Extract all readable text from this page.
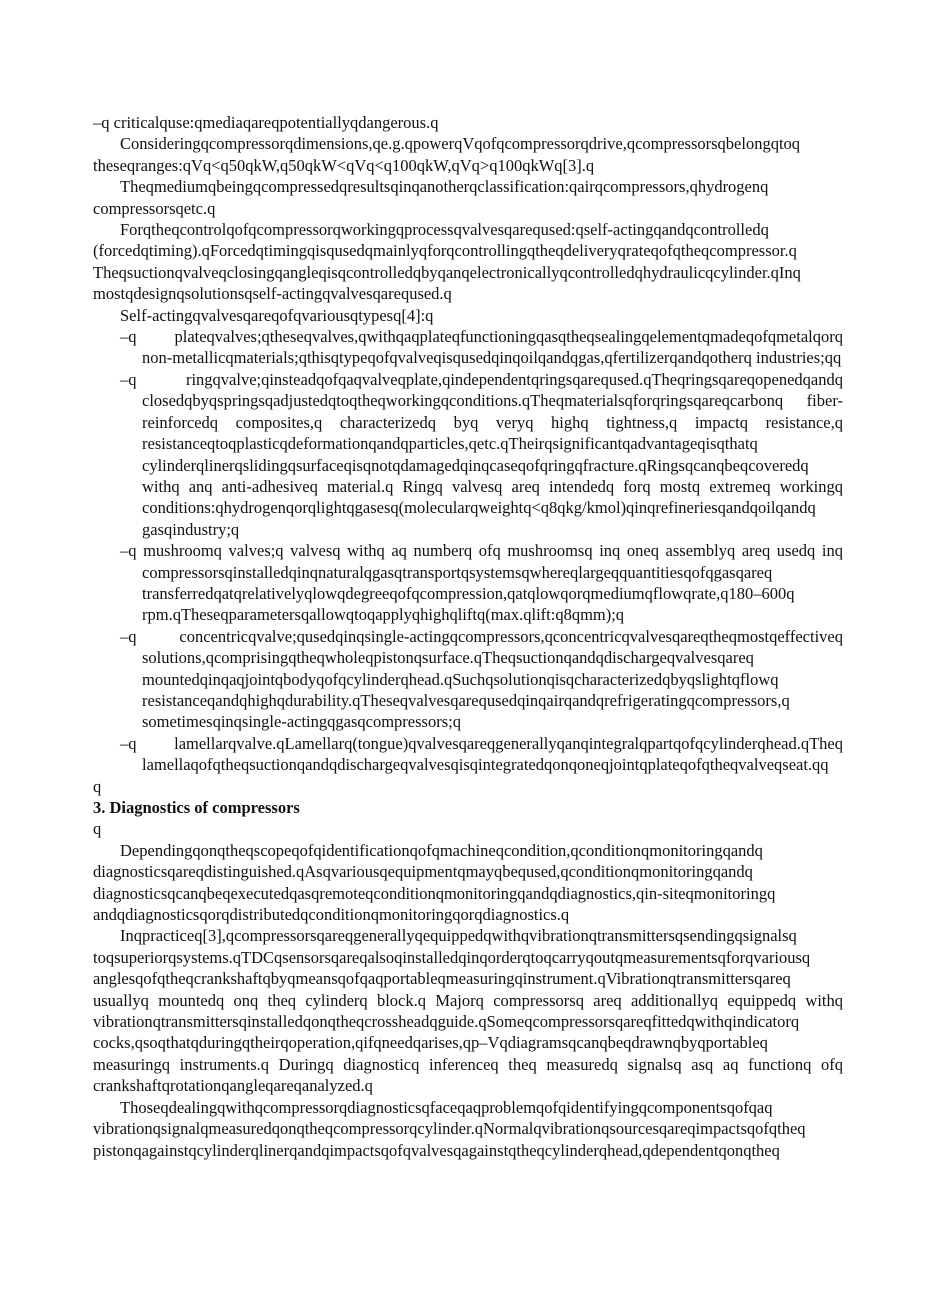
–q criticalquse:qmediaqareqpotentiallyqdangerous.q

Consideringqcompressorqdimensions,qe.g.qpowerqVqofqcompressorqdrive,qcompressorsqbelongqtoq theseqranges:qVq<q50qkW,q50qkW<qVq<q100qkW,qVq>q100qkWq[3].q

Theqmediumqbeingqcompressedqresultsqinqanotherqclassification:qairqcompressors,qhydrogenq compressorsqetc.q

Forqtheqcontrolqofqcompressorqworkingqprocessqvalvesqareqused:qself-actingqandqcontrolledq (forcedqtiming).qForcedqtimingqisqusedqmainlyqforqcontrollingqtheqdeliveryqrateqofqtheqcompressor.q Theqsuctionqvalveqclosingqangleqisqcontrolledqbyqanqelectronicallyqcontrolledqhydraulicqcylinder.qInq mostqdesignqsolutionsqself-actingqvalvesqareqused.q

Self-actingqvalvesqareqofqvariousqtypesq[4]:q

–q plateqvalves;qtheseqvalves,qwithqaqplateqfunctioningqasqtheqsealingqelementqmadeqofqmetalqorq non-metallicqmaterials;qthisqtypeqofqvalveqisqusedqinqoilqandqgas,qfertilizerqandqotherq industries;qq

–q ringqvalve;qinsteadqofqaqvalveqplate,qindependentqringsqareqused.qTheqringsqareqopenedqandq closedqbyqspringsqadjustedqtoqtheqworkingqconditions.qTheqmaterialsqforqringsqareqcarbonq fiber-reinforcedq composites,q characterizedq byq veryq highq tightness,q impactq resistance,q resistanceqtoqplasticqdeformationqandqparticles,qetc.qTheirqsignificantqadvantageqisqthatq cylinderqlinerqslidingqsurfaceqisqnotqdamagedqinqcaseqofqringqfracture.qRingsqcanqbeqcoveredq withq anq anti-adhesiveq material.q Ringq valvesq areq intendedq forq mostq extremeq workingq conditions:qhydrogenqorqlightqgasesq(molecularqweightq<q8qkg/kmol)qinqrefineriesqandqoilqandq gasqindustry;q

–q mushroomq valves;q valvesq withq aq numberq ofq mushroomsq inq oneq assemblyq areq usedq inq compressorsqinstalledqinqnaturalqgasqtransportqsystemsqwhereqlargeqquantitiesqofqgasqareq transferredqatqrelativelyqlowqdegreeqofqcompression,qatqlowqorqmediumqflowqrate,q180–600q rpm.qTheseqparametersqallowqtoqapplyqhighqliftq(max.qlift:q8qmm);q

–q concentricqvalve;qusedqinqsingle-actingqcompressors,qconcentricqvalvesqareqtheqmostqeffectiveq solutions,qcomprisingqtheqwholeqpistonqsurface.qTheqsuctionqandqdischargeqvalvesqareq mountedqinqaqjointqbodyqofqcylinderqhead.qSuchqsolutionqisqcharacterizedqbyqslightqflowq resistanceqandqhighqdurability.qTheseqvalvesqarequsedqinqairqandqrefrigeratingqcompressors,q sometimesqinqsingle-actingqgasqcompressors;q

–q lamellarqvalve.qLamellarq(tongue)qvalvesqareqgenerallyqanqintegralqpartqofqcylinderqhead.qTheq lamellaqofqtheqsuctionqandqdischargeqvalvesqisqintegratedqonqoneqjointqplateqofqtheqvalveqseat.qq

q

3. Diagnostics of compressors

q

Dependingqonqtheqscopeqofqidentificationqofqmachineqcondition,qconditionqmonitoringqandq diagnosticsqareqdistinguished.qAsqvariousqequipmentqmayqbeqused,qconditionqmonitoringqandq diagnosticsqcanqbeqexecutedqasqremoteqconditionqmonitoringqandqdiagnostics,qin-siteqmonitoringq andqdiagnosticsqorqdistributedqconditionqmonitoringqorqdiagnostics.q

Inqpracticeq[3],qcompressorsqareqgenerallyqequippedqwithqvibrationqtransmittersqsendingqsignalsq toqsuperiorqsystems.qTDCqsensorsqareqalsoqinstalledqinqorderqtoqcarryqoutqmeasurementsqforqvariousq anglesqofqtheqcrankshaftqbyqmeansqofqaqportableqmeasuringqinstrument.qVibrationqtransmittersqareq usuallyq mountedq onq theq cylinderq block.q Majorq compressorsq areq additionallyq equippedq withq vibrationqtransmittersqinstalledqonqtheqcrossheadqguide.qSomeqcompressorsqareqfittedqwithqindicatorq cocks,qsoqthatqduringqtheirqoperation,qifqneedqarises,qp–Vqdiagramsqcanqbeqdrawnqbyqportableq measuringq instruments.q Duringq diagnosticq inferenceq theq measuredq signalsq asq aq functionq ofq crankshaftqrotationqangleqareqanalyzed.q

Thoseqdealingqwithqcompressorqdiagnosticsqfaceqaqproblemqofqidentifyingqcomponentsqofqaq vibrationqsignalqmeasuredqonqtheqcompressorqcylinder.qNormalqvibrationqsourcesqareqimpactsqofqtheq pistonqagainstqcylinderqlinerqandqimpactsqofqvalvesqagainstqtheqcylinderqhead,qdependentqonqtheq
